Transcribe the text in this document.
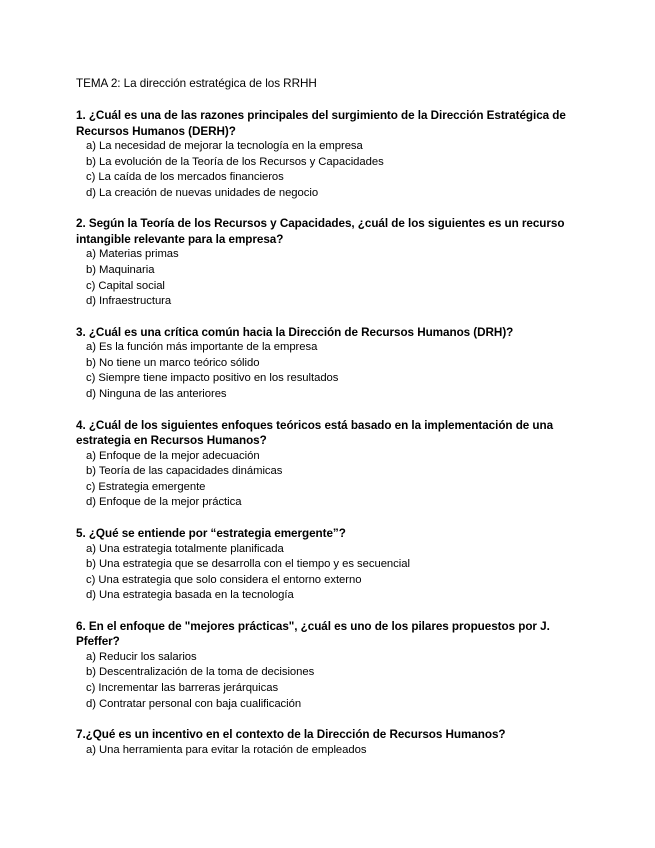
TEMA 2: La dirección estratégica de los RRHH

1. ¿Cuál es una de las razones principales del surgimiento de la Dirección Estratégica de Recursos Humanos (DERH)?

a) La necesidad de mejorar la tecnología en la empresa
b) La evolución de la Teoría de los Recursos y Capacidades
c) La caída de los mercados financieros
d) La creación de nuevas unidades de negocio

2. Según la Teoría de los Recursos y Capacidades, ¿cuál de los siguientes es un recurso intangible relevante para la empresa?

a) Materias primas
b) Maquinaria
c) Capital social
d) Infraestructura

3. ¿Cuál es una crítica común hacia la Dirección de Recursos Humanos (DRH)?

a) Es la función más importante de la empresa
b) No tiene un marco teórico sólido
c) Siempre tiene impacto positivo en los resultados
d) Ninguna de las anteriores

4. ¿Cuál de los siguientes enfoques teóricos está basado en la implementación de una estrategia en Recursos Humanos?

a) Enfoque de la mejor adecuación
b) Teoría de las capacidades dinámicas
c) Estrategia emergente
d) Enfoque de la mejor práctica

5. ¿Qué se entiende por “estrategia emergente”?

a) Una estrategia totalmente planificada
b) Una estrategia que se desarrolla con el tiempo y es secuencial
c) Una estrategia que solo considera el entorno externo
d) Una estrategia basada en la tecnología

6. En el enfoque de "mejores prácticas", ¿cuál es uno de los pilares propuestos por J. Pfeffer?

a) Reducir los salarios
b) Descentralización de la toma de decisiones
c) Incrementar las barreras jerárquicas
d) Contratar personal con baja cualificación

7.¿Qué es un incentivo en el contexto de la Dirección de Recursos Humanos?

a) Una herramienta para evitar la rotación de empleados
